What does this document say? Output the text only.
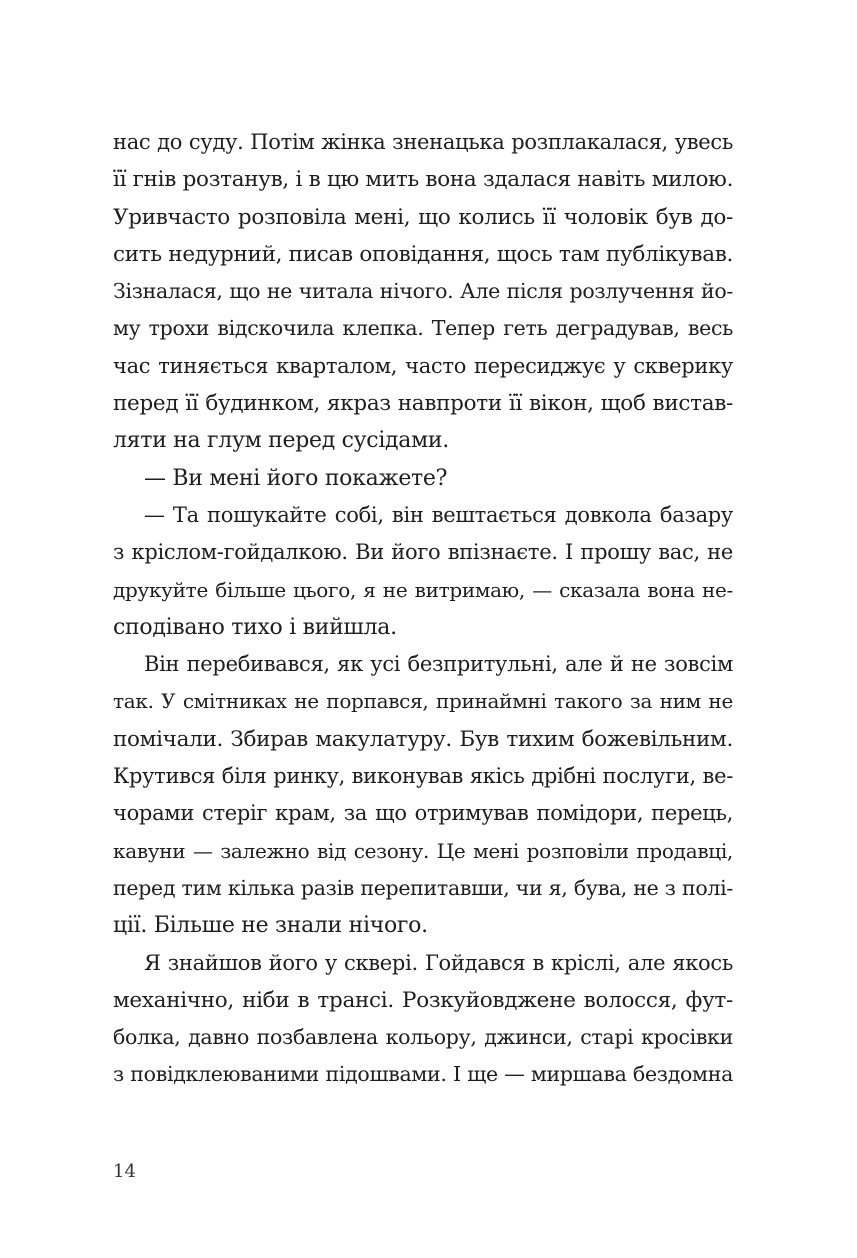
нас до суду. Потім жінка зненацька розплакалася, увесь
її гнів розтанув, і в цю мить вона здалася навіть милою.
Уривчасто розповіла мені, що колись її чоловік був до-
сить недурний, писав оповідання, щось там публікував.
Зізналася, що не читала нічого. Але після розлучення йо-
му трохи відскочила клепка. Тепер геть деградував, весь
час тиняється кварталом, часто пересиджує у скверику
перед її будинком, якраз навпроти її вікон, щоб вистав-
ляти на глум перед сусідами.
— Ви мені його покажете?
— Та пошукайте собі, він вештається довкола базару
з кріслом-гойдалкою. Ви його впізнаєте. І прошу вас, не
друкуйте більше цього, я не витримаю, — сказала вона не-
сподівано тихо і вийшла.
Він перебивався, як усі безпритульні, але й не зовсім
так. У смітниках не порпався, принаймні такого за ним не
помічали. Збирав макулатуру. Був тихим божевільним.
Крутився біля ринку, виконував якісь дрібні послуги, ве-
чорами стеріг крам, за що отримував помідори, перець,
кавуни — залежно від сезону. Це мені розповіли продавці,
перед тим кілька разів перепитавши, чи я, бува, не з полі-
ції. Більше не знали нічого.
Я знайшов його у сквері. Гойдався в кріслі, але якось
механічно, ніби в трансі. Розкуйовджене волосся, фут-
болка, давно позбавлена кольору, джинси, старі кросівки
з повідклеюваними підошвами. І ще — миршава бездомна
14
